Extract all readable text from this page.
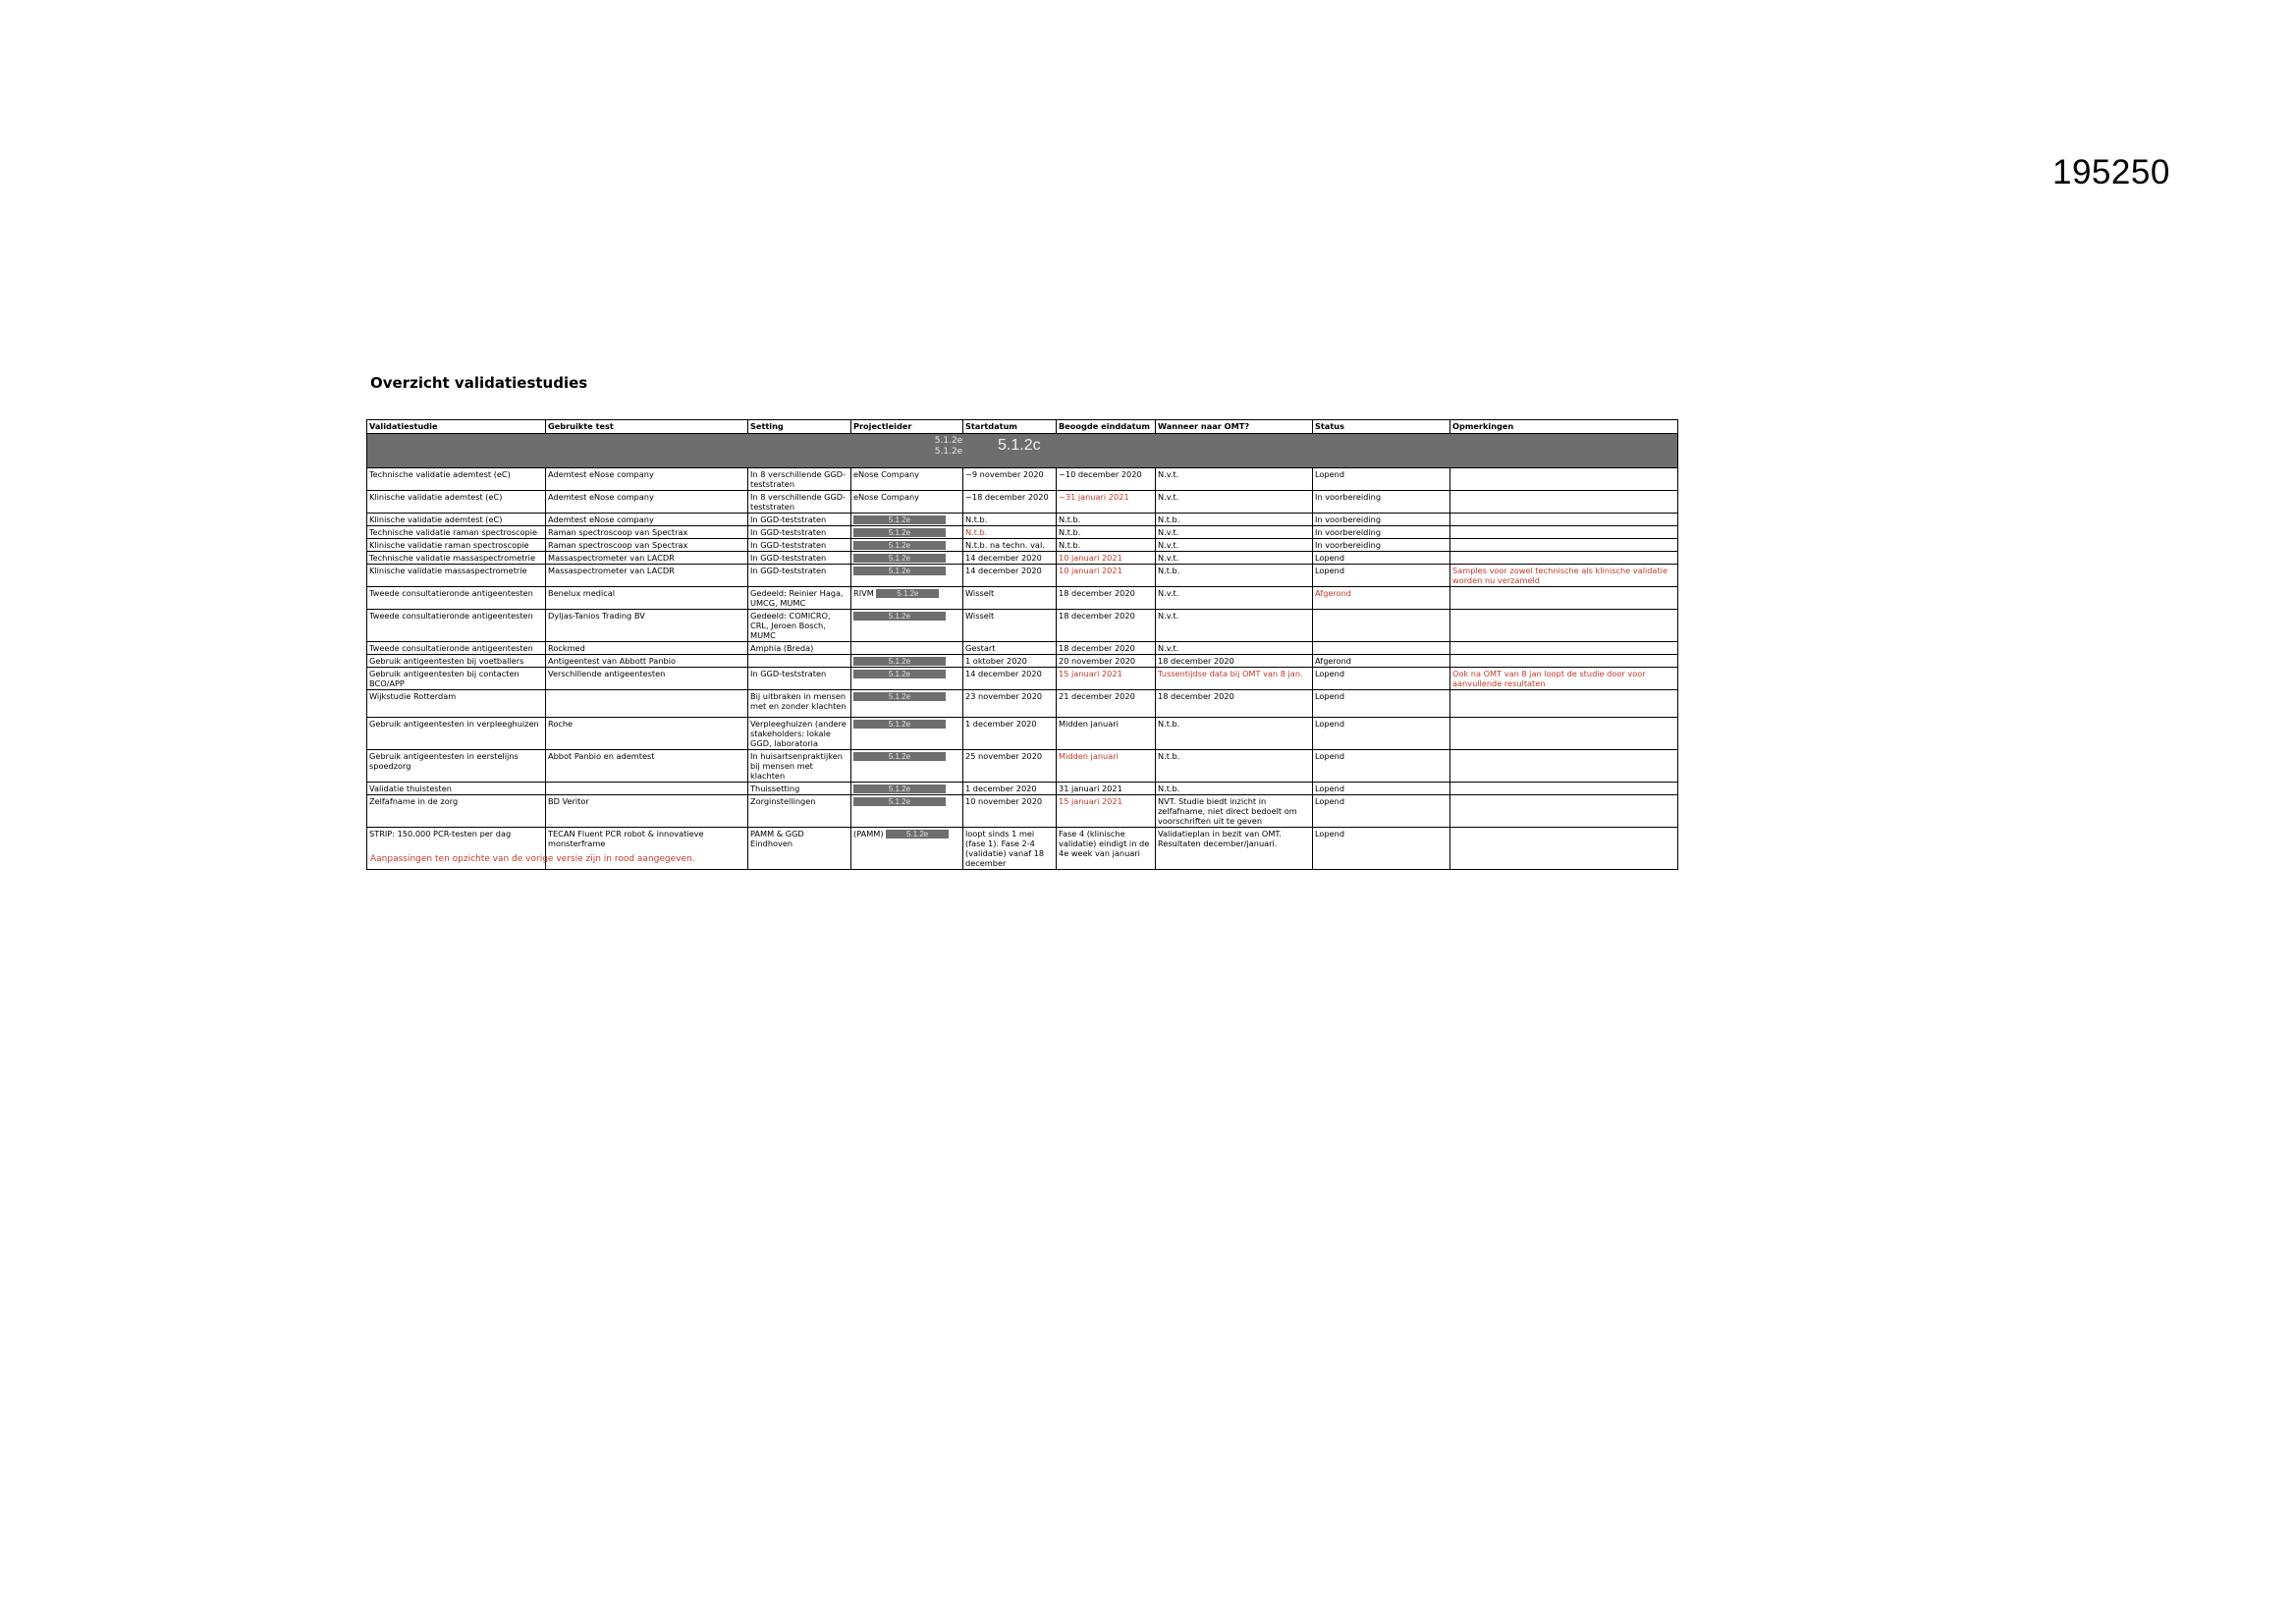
195250
Overzicht validatiestudies
Validatiestudie	Gebruikte test	Setting	Projectleider	Startdatum	Beoogde einddatum	Wanneer naar OMT?	Status	Opmerkingen

5.1.2e
5.1.2e 5.1.2c								

Technische validatie ademtest (eC)	Ademtest eNose company	In 8 verschillende GGD-teststraten	eNose Company	~9 november 2020	~10 december 2020	N.v.t.	Lopend	
Klinische validatie ademtest (eC)	Ademtest eNose company	In 8 verschillende GGD-teststraten	eNose Company	~18 december 2020	~31 januari 2021	N.v.t.	In voorbereiding	
Klinische validatie ademtest (eC)	Ademtest eNose company	In GGD-teststraten	5.1.2e	N.t.b.	N.t.b.	N.t.b.	In voorbereiding	
Technische validatie raman spectroscopie	Raman spectroscoop van Spectrax	In GGD-teststraten	5.1.2e	N.t.b.	N.t.b.	N.v.t.	In voorbereiding	
Klinische validatie raman spectroscopie	Raman spectroscoop van Spectrax	In GGD-teststraten	5.1.2e	N.t.b. na techn. val.	N.t.b.	N.v.t.	In voorbereiding	
Technische validatie massaspectrometrie	Massaspectrometer van LACDR	In GGD-teststraten	5.1.2e	14 december 2020	10 januari 2021	N.v.t.	Lopend	
Klinische validatie massaspectrometrie	Massaspectrometer van LACDR	In GGD-teststraten	5.1.2e	14 december 2020	10 januari 2021	N.t.b.	Lopend	Samples voor zowel technische als klinische validatie worden nu verzameld
Tweede consultatieronde antigeentesten	Benelux medical	Gedeeld: Reinier Haga, UMCG, MUMC	RIVM 5.1.2e	Wisselt	18 december 2020	N.v.t.	Afgerond	
Tweede consultatieronde antigeentesten	Dyljas-Tanios Trading BV	Gedeeld: COMICRO, CRL, Jeroen Bosch, MUMC	5.1.2e	Wisselt	18 december 2020	N.v.t.		
Tweede consultatieronde antigeentesten	Rockmed	Amphia (Breda)		Gestart	18 december 2020	N.v.t.		
Gebruik antigeentesten bij voetballers	Antigeentest van Abbott Panbio		5.1.2e	1 oktober 2020	20 november 2020	18 december 2020	Afgerond	
Gebruik antigeentesten bij contacten BCO/APP	Verschillende antigeentesten	In GGD-teststraten	5.1.2e	14 december 2020	15 januari 2021	Tussentijdse data bij OMT van 8 jan.	Lopend	Ook na OMT van 8 jan loopt de studie door voor aanvullende resultaten
Wijkstudie Rotterdam		Bij uitbraken in mensen met en zonder klachten	5.1.2e	23 november 2020	21 december 2020	18 december 2020	Lopend	
Gebruik antigeentesten in verpleeghuizen	Roche	Verpleeghuizen (andere stakeholders: lokale GGD, laboratoria	5.1.2e	1 december 2020	Midden januari	N.t.b.	Lopend	
Gebruik antigeentesten in eerstelijns spoedzorg	Abbot Panbio en ademtest	In huisartsenpraktijken bij mensen met klachten	5.1.2e	25 november 2020	Midden januari	N.t.b.	Lopend	
Validatie thuistesten		Thuissetting	5.1.2e	1 december 2020	31 januari 2021	N.t.b.	Lopend	
Zelfafname in de zorg	BD Veritor	Zorginstellingen	5.1.2e	10 november 2020	15 januari 2021	NVT. Studie biedt inzicht in zelfafname, niet direct bedoelt om voorschriften uit te geven	Lopend	
STRIP: 150.000 PCR-testen per dag	TECAN Fluent PCR robot & innovatieve monsterframe	PAMM & GGD Eindhoven	(PAMM) 5.1.2e	loopt sinds 1 mei (fase 1). Fase 2-4 (validatie) vanaf 18 december	Fase 4 (klinische validatie) eindigt in de 4e week van januari	Validatieplan in bezit van OMT. Resultaten december/januari.	Lopend	
Aanpassingen ten opzichte van de vorige versie zijn in rood aangegeven.
